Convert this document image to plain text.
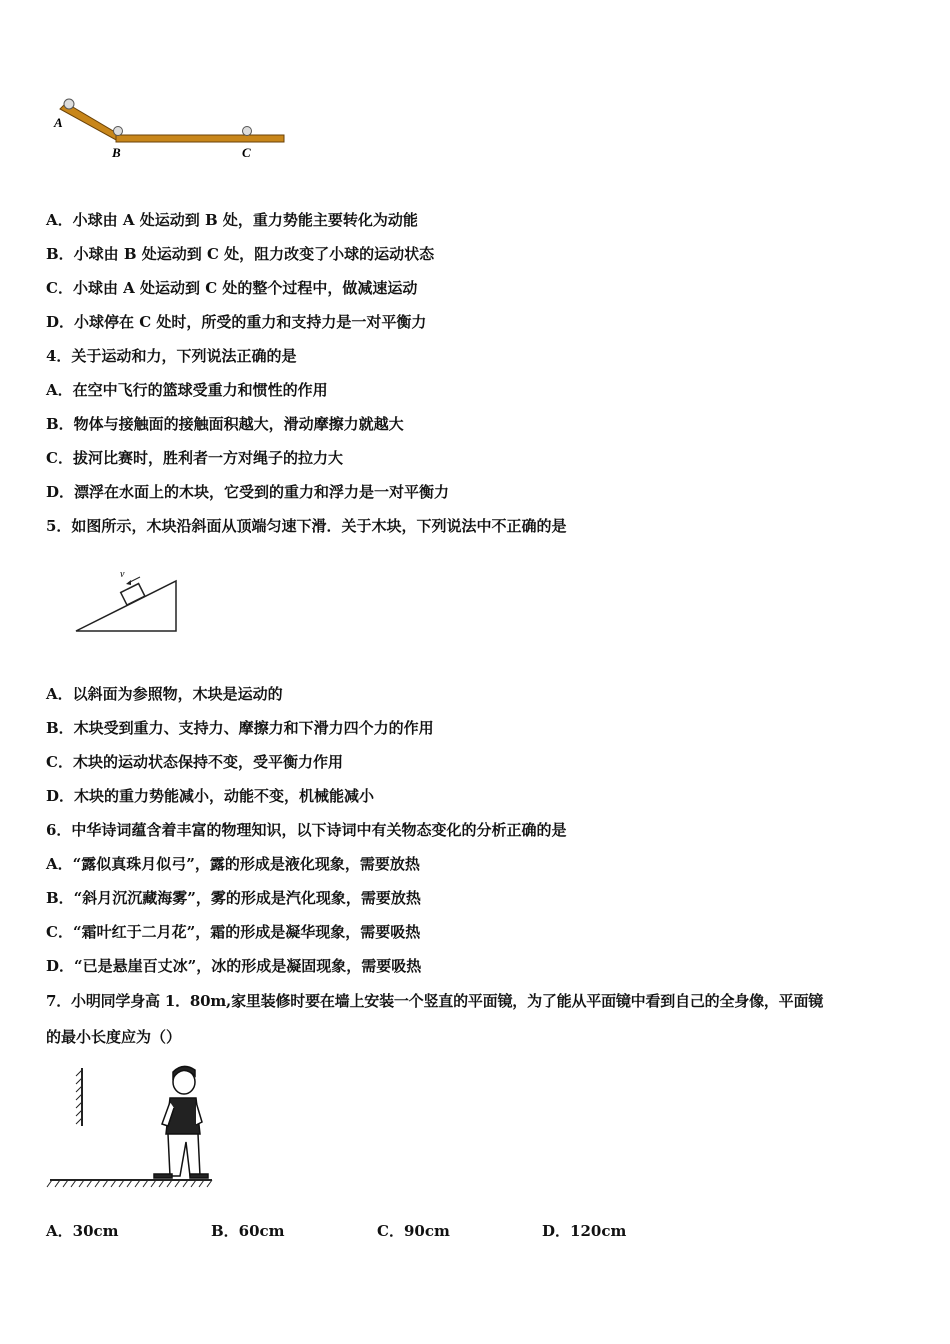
A
B	C
A．小球由 A 处运动到 B 处，重力势能主要转化为动能
B．小球由 B 处运动到 C 处，阻力改变了小球的运动状态
C．小球由 A 处运动到 C 处的整个过程中，做减速运动
D．小球停在 C 处时，所受的重力和支持力是一对平衡力
4．关于运动和力，下列说法正确的是
A．在空中飞行的篮球受重力和惯性的作用
B．物体与接触面的接触面积越大，滑动摩擦力就越大
C．拔河比赛时，胜利者一方对绳子的拉力大
D．漂浮在水面上的木块，它受到的重力和浮力是一对平衡力
5．如图所示，木块沿斜面从顶端匀速下滑．关于木块，下列说法中不正确的是
v
A．以斜面为参照物，木块是运动的
B．木块受到重力、支持力、摩擦力和下滑力四个力的作用
C．木块的运动状态保持不变，受平衡力作用
D．木块的重力势能减小，动能不变，机械能减小
6．中华诗词蕴含着丰富的物理知识，以下诗词中有关物态变化的分析正确的是
A．“露似真珠月似弓”，露的形成是液化现象，需要放热
B．“斜月沉沉藏海雾”，雾的形成是汽化现象，需要放热
C．“霜叶红于二月花”，霜的形成是凝华现象，需要吸热
D．“已是悬崖百丈冰”，冰的形成是凝固现象，需要吸热
7．小明同学身高 1．80m,家里装修时要在墙上安装一个竖直的平面镜，为了能从平面镜中看到自己的全身像，平面镜
的最小长度应为（）
A．30cm	B．60cm	C．90cm	D．120cm
